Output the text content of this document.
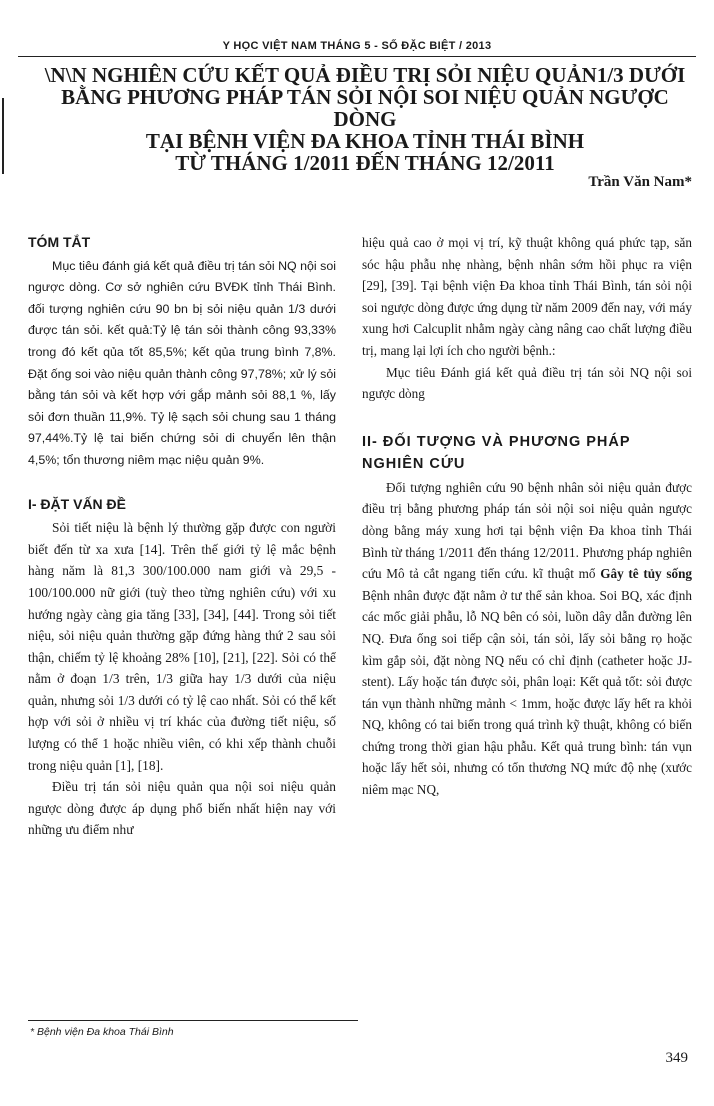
Y HỌC VIỆT NAM THÁNG 5 - SỐ ĐẶC BIỆT / 2013

\N\N NGHIÊN CỨU KẾT QUẢ ĐIỀU TRỊ SỎI NIỆU QUẢN1/3 DƯỚI

BẰNG PHƯƠNG PHÁP TÁN SỎI NỘI SOI NIỆU QUẢN NGƯỢC DÒNG

TẠI BỆNH VIỆN ĐA KHOA TỈNH THÁI BÌNH

TỪ THÁNG 1/2011 ĐẾN THÁNG 12/2011

Trần Văn Nam*
TÓM TẮT

Mục tiêu đánh giá kết quả điều trị tán sỏi NQ nội soi ngược dòng. Cơ sở nghiên cứu BVĐK tỉnh Thái Bình. đối tượng nghiên cứu 90 bn bị sỏi niệu quản 1/3 dưới được tán sỏi. kết quả:Tỷ lệ tán sỏi thành công 93,33% trong đó kết qủa tốt 85,5%; kết qủa trung bình 7,8%. Đặt ống soi vào niệu quản thành công 97,78%; xử lý sỏi bằng tán sỏi và kết hợp với gắp mảnh sỏi 88,1 %, lấy sỏi đơn thuần 11,9%. Tỷ lệ sạch sỏi chung sau 1 tháng 97,44%.Tỷ lệ tai biến chứng sỏi di chuyển lên thận 4,5%; tổn thương niêm mạc niệu quản 9%.

I- ĐẶT VẤN ĐỀ

Sỏi tiết niệu là bệnh lý thường gặp được con người biết đến từ xa xưa [14]. Trên thế giới tỷ lệ mắc bệnh hàng năm là 81,3 300/100.000 nam giới và 29,5 - 100/100.000 nữ giới (tuỳ theo từng nghiên cứu) với xu hướng ngày càng gia tăng [33], [34], [44]. Trong sỏi tiết niệu, sỏi niệu quản thường gặp đứng hàng thứ 2 sau sỏi thận, chiếm tỷ lệ khoảng 28% [10], [21], [22]. Sỏi có thể nằm ở đoạn 1/3 trên, 1/3 giữa hay 1/3 dưới của niệu quản, nhưng sỏi 1/3 dưới có tỷ lệ cao nhất. Sỏi có thể kết hợp với sỏi ở nhiều vị trí khác của đường tiết niệu, số lượng có thể 1 hoặc nhiều viên, có khi xếp thành chuỗi trong niệu quản [1], [18].

Điều trị tán sỏi niệu quản qua nội soi niệu quản ngược dòng được áp dụng phổ biến nhất hiện nay với những ưu điểm như

hiệu quả cao ở mọi vị trí, kỹ thuật không quá phức tạp, săn sóc hậu phẫu nhẹ nhàng, bệnh nhân sớm hồi phục ra viện [29], [39]. Tại bệnh viện Đa khoa tỉnh Thái Bình, tán sỏi nội soi ngược dòng được ứng dụng từ năm 2009 đến nay, với máy xung hơi Calcuplit nhằm ngày càng nâng cao chất lượng điều trị, mang lại lợi ích cho người bệnh.:

Mục tiêu Đánh giá kết quả điều trị tán sỏi NQ nội soi ngược dòng

II- ĐỐI TƯỢNG VÀ PHƯƠNG PHÁP NGHIÊN CỨU

Đối tượng nghiên cứu 90 bệnh nhân sỏi niệu quản được điều trị bằng phương pháp tán sỏi nội soi niệu quản ngược dòng bằng máy xung hơi tại bệnh viện Đa khoa tỉnh Thái Bình từ tháng 1/2011 đến tháng 12/2011. Phương pháp nghiên cứu Mô tả cắt ngang tiến cứu. kĩ thuật mổ Gây tê tủy sống Bệnh nhân được đặt nằm ở tư thế sản khoa. Soi BQ, xác định các mốc giải phẫu, lỗ NQ bên có sỏi, luồn dây dẫn đường lên NQ. Đưa ống soi tiếp cận sỏi, tán sỏi, lấy sỏi bằng rọ hoặc kìm gắp sỏi, đặt nòng NQ nếu có chỉ định (catheter hoặc JJ-stent). Lấy hoặc tán được sỏi, phân loại: Kết quả tốt: sỏi được tán vụn thành những mảnh < 1mm, hoặc được lấy hết ra khỏi NQ, không có tai biến trong quá trình kỹ thuật, không có biến chứng trong thời gian hậu phẫu. Kết quả trung bình: tán vụn hoặc lấy hết sỏi, nhưng có tổn thương NQ mức độ nhẹ (xước niêm mạc NQ,

* Bệnh viện Đa khoa Thái Bình
349
